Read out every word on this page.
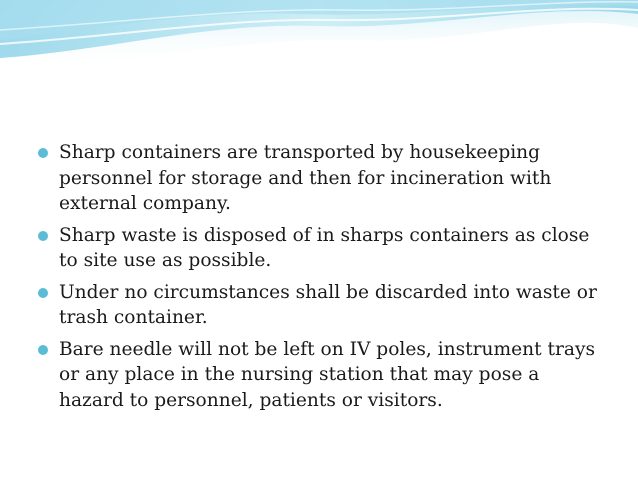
Sharp containers are transported by housekeeping personnel for storage and then for incineration with external company.
Sharp waste is disposed of in sharps containers as close to site use as possible.
Under no circumstances shall be discarded into waste or trash container.
Bare needle will not be left on IV poles, instrument trays or any place in the nursing station that may pose a hazard to personnel, patients or visitors.
